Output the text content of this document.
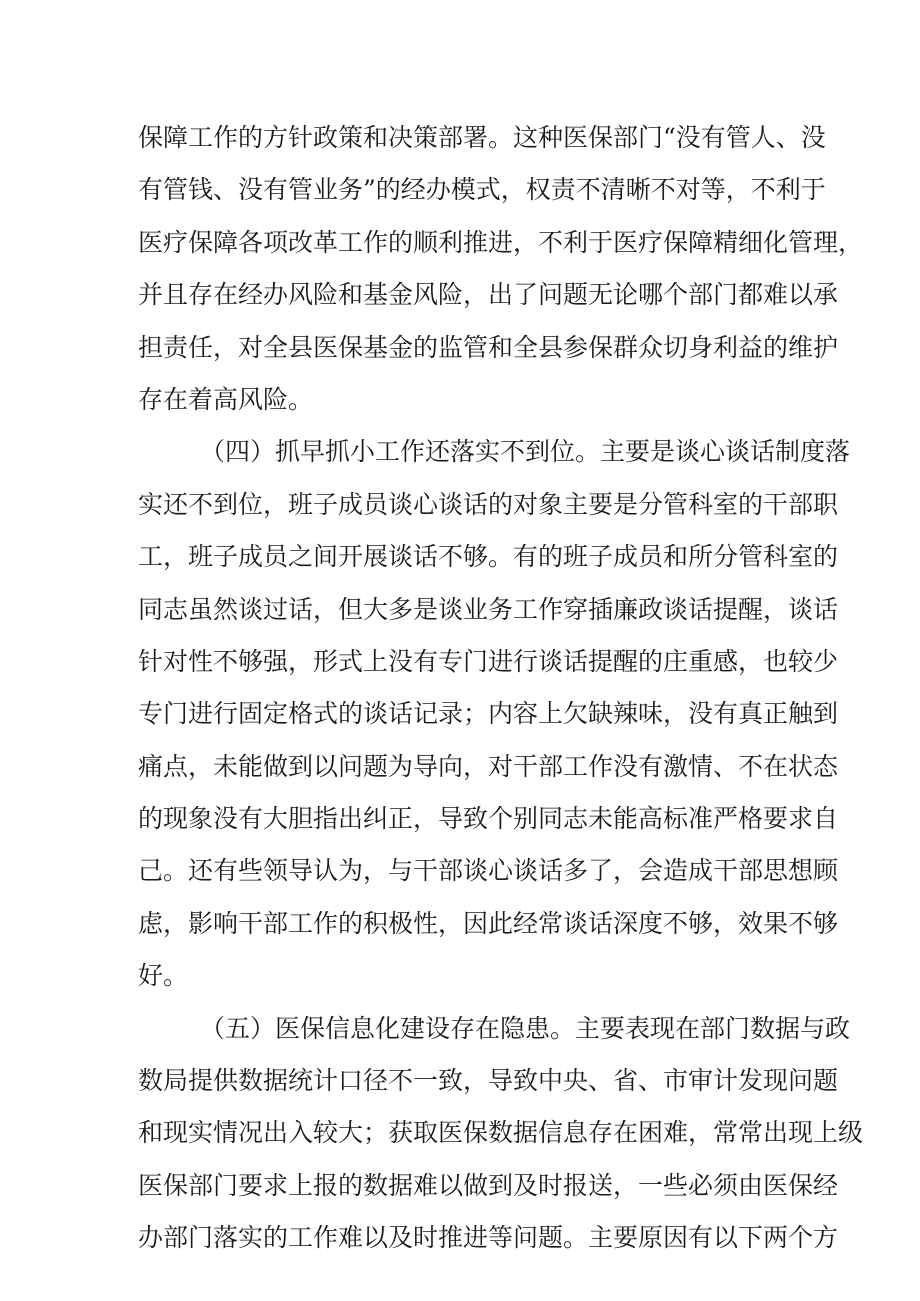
保障工作的方针政策和决策部署。这种医保部门“没有管人、没
有管钱、没有管业务”的经办模式，权责不清晰不对等，不利于
医疗保障各项改革工作的顺利推进，不利于医疗保障精细化管理，
并且存在经办风险和基金风险，出了问题无论哪个部门都难以承
担责任，对全县医保基金的监管和全县参保群众切身利益的维护
存在着高风险。
（四）抓早抓小工作还落实不到位。主要是谈心谈话制度落
实还不到位，班子成员谈心谈话的对象主要是分管科室的干部职
工，班子成员之间开展谈话不够。有的班子成员和所分管科室的
同志虽然谈过话，但大多是谈业务工作穿插廉政谈话提醒，谈话
针对性不够强，形式上没有专门进行谈话提醒的庄重感，也较少
专门进行固定格式的谈话记录；内容上欠缺辣味，没有真正触到
痛点，未能做到以问题为导向，对干部工作没有激情、不在状态
的现象没有大胆指出纠正，导致个别同志未能高标准严格要求自
己。还有些领导认为，与干部谈心谈话多了，会造成干部思想顾
虑，影响干部工作的积极性，因此经常谈话深度不够，效果不够
好。
（五）医保信息化建设存在隐患。主要表现在部门数据与政
数局提供数据统计口径不一致，导致中央、省、市审计发现问题
和现实情况出入较大；获取医保数据信息存在困难，常常出现上级
医保部门要求上报的数据难以做到及时报送，一些必须由医保经
办部门落实的工作难以及时推进等问题。主要原因有以下两个方
